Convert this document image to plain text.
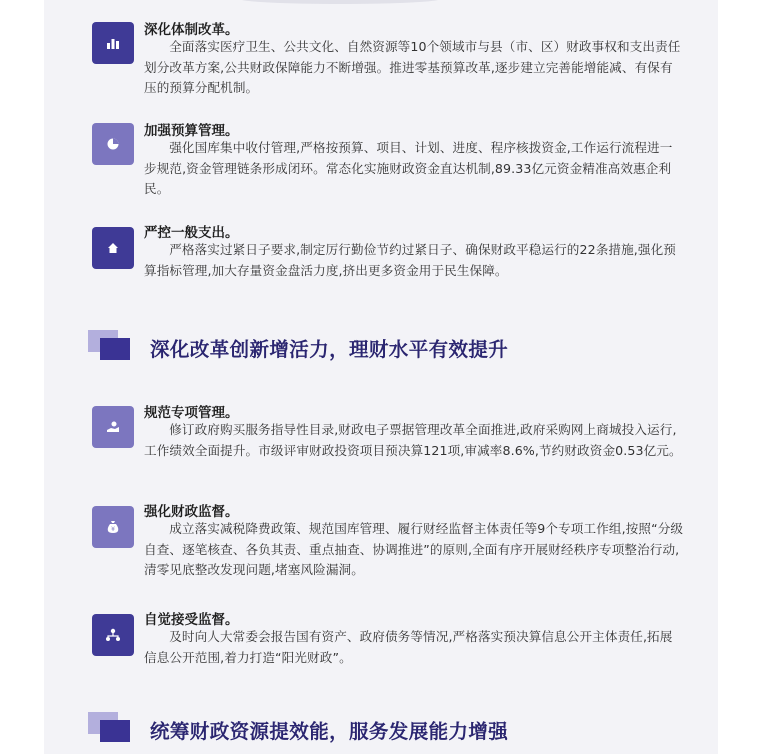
深化体制改革。
全面落实医疗卫生、公共文化、自然资源等10个领域市与县（市、区）财政事权和支出责任划分改革方案,公共财政保障能力不断增强。推进零基预算改革,逐步建立完善能增能减、有保有压的预算分配机制。
加强预算管理。
强化国库集中收付管理,严格按预算、项目、计划、进度、程序核拨资金,工作运行流程进一步规范,资金管理链条形成闭环。常态化实施财政资金直达机制,89.33亿元资金精准高效惠企利民。
严控一般支出。
严格落实过紧日子要求,制定厉行勤俭节约过紧日子、确保财政平稳运行的22条措施,强化预算指标管理,加大存量资金盘活力度,挤出更多资金用于民生保障。
深化改革创新增活力，理财水平有效提升
规范专项管理。
修订政府购买服务指导性目录,财政电子票据管理改革全面推进,政府采购网上商城投入运行,工作绩效全面提升。市级评审财政投资项目预决算121项,审减率8.6%,节约财政资金0.53亿元。
¥
强化财政监督。
成立落实减税降费政策、规范国库管理、履行财经监督主体责任等9个专项工作组,按照“分级自查、逐笔核查、各负其责、重点抽查、协调推进”的原则,全面有序开展财经秩序专项整治行动,清零见底整改发现问题,堵塞风险漏洞。
自觉接受监督。
及时向人大常委会报告国有资产、政府债务等情况,严格落实预决算信息公开主体责任,拓展信息公开范围,着力打造“阳光财政”。
统筹财政资源提效能，服务发展能力增强
